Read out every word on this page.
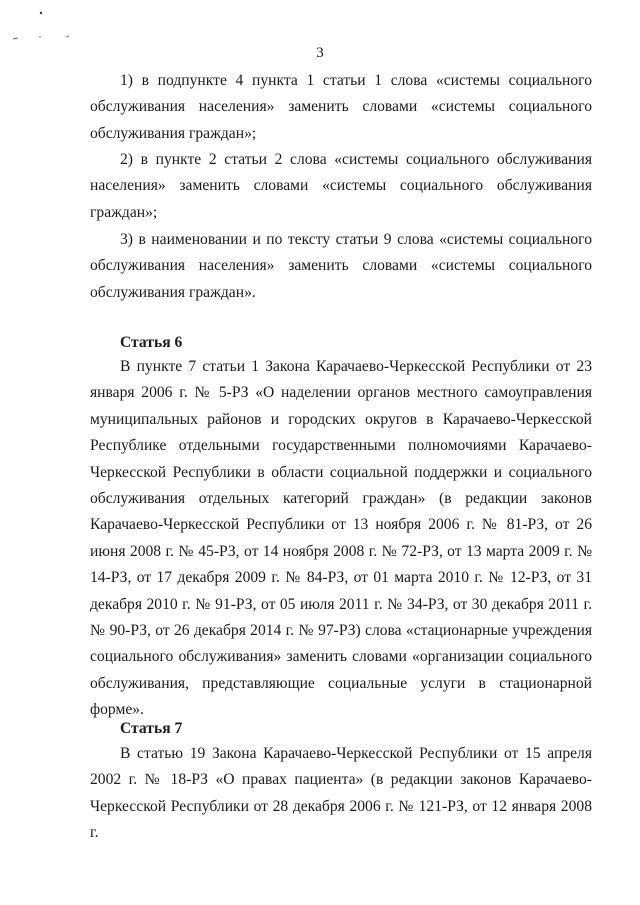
3

1) в подпункте 4 пункта 1 статьи 1 слова «системы социального обслуживания населения» заменить словами «системы социального обслуживания граждан»;

2) в пункте 2 статьи 2 слова «системы социального обслуживания населения» заменить словами «системы социального обслуживания граждан»;

3) в наименовании и по тексту статьи 9 слова «системы социального обслуживания населения» заменить словами «системы социального обслуживания граждан».

Статья 6

В пункте 7 статьи 1 Закона Карачаево-Черкесской Республики от 23 января 2006 г. № 5-РЗ «О наделении органов местного самоуправления муниципальных районов и городских округов в Карачаево-Черкесской Республике отдельными государственными полномочиями Карачаево-Черкесской Республики в области социальной поддержки и социального обслуживания отдельных категорий граждан» (в редакции законов Карачаево-Черкесской Республики от 13 ноября 2006 г. № 81-РЗ, от 26 июня 2008 г. № 45-РЗ, от 14 ноября 2008 г. № 72-РЗ, от 13 марта 2009 г. № 14-РЗ, от 17 декабря 2009 г. № 84-РЗ, от 01 марта 2010 г. № 12-РЗ, от 31 декабря 2010 г. № 91-РЗ, от 05 июля 2011 г. № 34-РЗ, от 30 декабря 2011 г. № 90-РЗ, от 26 декабря 2014 г. № 97-РЗ) слова «стационарные учреждения социального обслуживания» заменить словами «организации социального обслуживания, представляющие социальные услуги в стационарной форме».

Статья 7

В статью 19 Закона Карачаево-Черкесской Республики от 15 апреля 2002 г. № 18-РЗ «О правах пациента» (в редакции законов Карачаево-Черкесской Республики от 28 декабря 2006 г. № 121-РЗ, от 12 января 2008 г.
